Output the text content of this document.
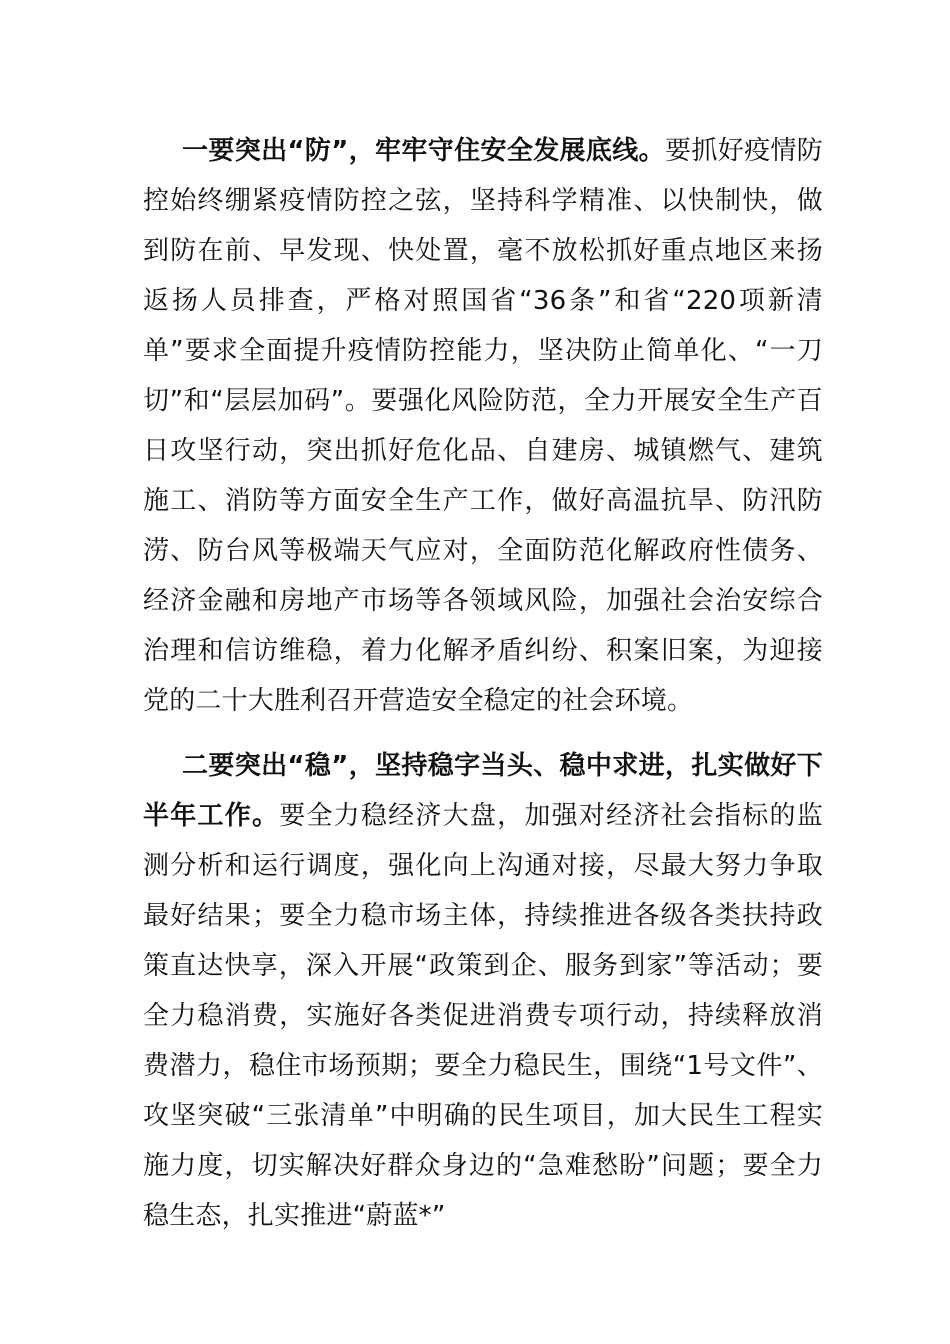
一要突出“防”，牢牢守住安全发展底线。要抓好疫情防控始终绷紧疫情防控之弦，坚持科学精准、以快制快，做到防在前、早发现、快处置，毫不放松抓好重点地区来扬返扬人员排查，严格对照国省“36条”和省“220项新清单”要求全面提升疫情防控能力，坚决防止简单化、“一刀切”和“层层加码”。要强化风险防范，全力开展安全生产百日攻坚行动，突出抓好危化品、自建房、城镇燃气、建筑施工、消防等方面安全生产工作，做好高温抗旱、防汛防涝、防台风等极端天气应对，全面防范化解政府性债务、经济金融和房地产市场等各领域风险，加强社会治安综合治理和信访维稳，着力化解矛盾纠纷、积案旧案，为迎接党的二十大胜利召开营造安全稳定的社会环境。

二要突出“稳”，坚持稳字当头、稳中求进，扎实做好下半年工作。要全力稳经济大盘，加强对经济社会指标的监测分析和运行调度，强化向上沟通对接，尽最大努力争取最好结果；要全力稳市场主体，持续推进各级各类扶持政策直达快享，深入开展“政策到企、服务到家”等活动；要全力稳消费，实施好各类促进消费专项行动，持续释放消费潜力，稳住市场预期；要全力稳民生，围绕“1号文件”、攻坚突破“三张清单”中明确的民生项目，加大民生工程实施力度，切实解决好群众身边的“急难愁盼”问题；要全力稳生态，扎实推进“蔚蓝*”
